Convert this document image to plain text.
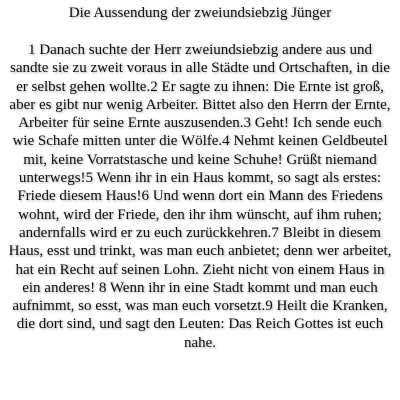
Die Aussendung der zweiundsiebzig Jünger

1 Danach suchte der Herr zweiundsiebzig andere aus und sandte sie zu zweit voraus in alle Städte und Ortschaften, in die er selbst gehen wollte.2 Er sagte zu ihnen: Die Ernte ist groß, aber es gibt nur wenig Arbeiter. Bittet also den Herrn der Ernte, Arbeiter für seine Ernte auszusenden.3 Geht! Ich sende euch wie Schafe mitten unter die Wölfe.4 Nehmt keinen Geldbeutel mit, keine Vorratstasche und keine Schuhe! Grüßt niemand unterwegs!5 Wenn ihr in ein Haus kommt, so sagt als erstes: Friede diesem Haus!6 Und wenn dort ein Mann des Friedens wohnt, wird der Friede, den ihr ihm wünscht, auf ihm ruhen; andernfalls wird er zu euch zurückkehren.7 Bleibt in diesem Haus, esst und trinkt, was man euch anbietet; denn wer arbeitet, hat ein Recht auf seinen Lohn. Zieht nicht von einem Haus in ein anderes! 8 Wenn ihr in eine Stadt kommt und man euch aufnimmt, so esst, was man euch vorsetzt.9 Heilt die Kranken, die dort sind, und sagt den Leuten: Das Reich Gottes ist euch nahe.
